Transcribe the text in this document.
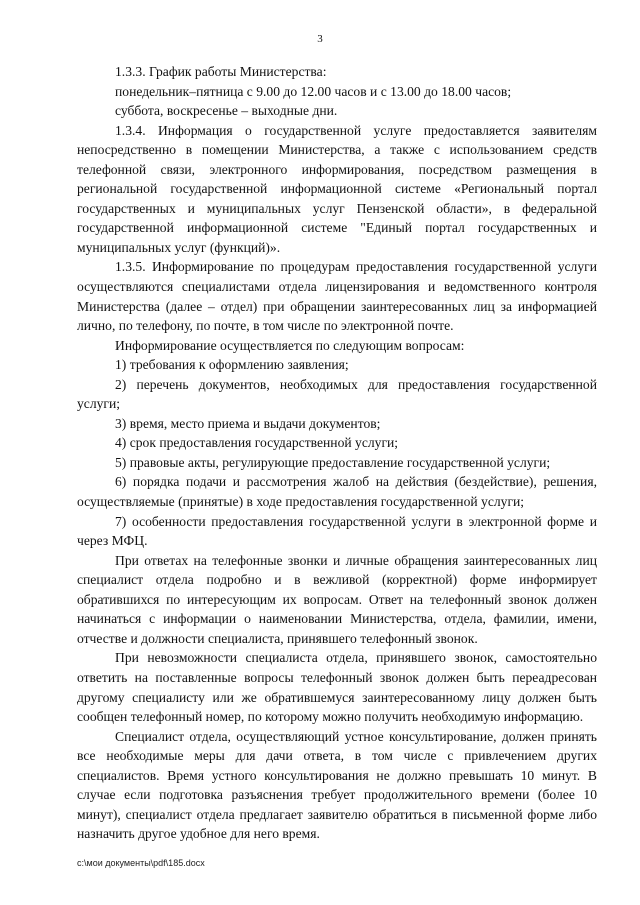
3

1.3.3. График работы Министерства:

понедельник–пятница с 9.00 до 12.00 часов и с 13.00 до 18.00 часов;

суббота, воскресенье – выходные дни.

1.3.4. Информация о государственной услуге предоставляется заявителям непосредственно в помещении Министерства, а также с использованием средств телефонной связи, электронного информирования, посредством размещения в региональной государственной информационной системе «Региональный портал государственных и муниципальных услуг Пензенской области», в федеральной государственной информационной системе "Единый портал государственных и муниципальных услуг (функций)».

1.3.5. Информирование по процедурам предоставления государственной услуги осуществляются специалистами отдела лицензирования и ведомственного контроля Министерства (далее – отдел) при обращении заинтересованных лиц за информацией лично, по телефону, по почте, в том числе по электронной почте.

Информирование осуществляется по следующим вопросам:

1) требования к оформлению заявления;

2) перечень документов, необходимых для предоставления государственной услуги;

3) время, место приема и выдачи документов;

4) срок предоставления государственной услуги;

5) правовые акты, регулирующие предоставление государственной услуги;

6) порядка подачи и рассмотрения жалоб на действия (бездействие), решения, осуществляемые (принятые) в ходе предоставления государственной услуги;

7) особенности предоставления государственной услуги в электронной форме и через МФЦ.

При ответах на телефонные звонки и личные обращения заинтересованных лиц специалист отдела подробно и в вежливой (корректной) форме информирует обратившихся по интересующим их вопросам. Ответ на телефонный звонок должен начинаться с информации о наименовании Министерства, отдела, фамилии, имени, отчестве и должности специалиста, принявшего телефонный звонок.

При невозможности специалиста отдела, принявшего звонок, самостоятельно ответить на поставленные вопросы телефонный звонок должен быть переадресован другому специалисту или же обратившемуся заинтересованному лицу должен быть сообщен телефонный номер, по которому можно получить необходимую информацию.

Специалист отдела, осуществляющий устное консультирование, должен принять все необходимые меры для дачи ответа, в том числе с привлечением других специалистов. Время устного консультирования не должно превышать 10 минут. В случае если подготовка разъяснения требует продолжительного времени (более 10 минут), специалист отдела предлагает заявителю обратиться в письменной форме либо назначить другое удобное для него время.

c:\мои документы\pdf\185.docx
